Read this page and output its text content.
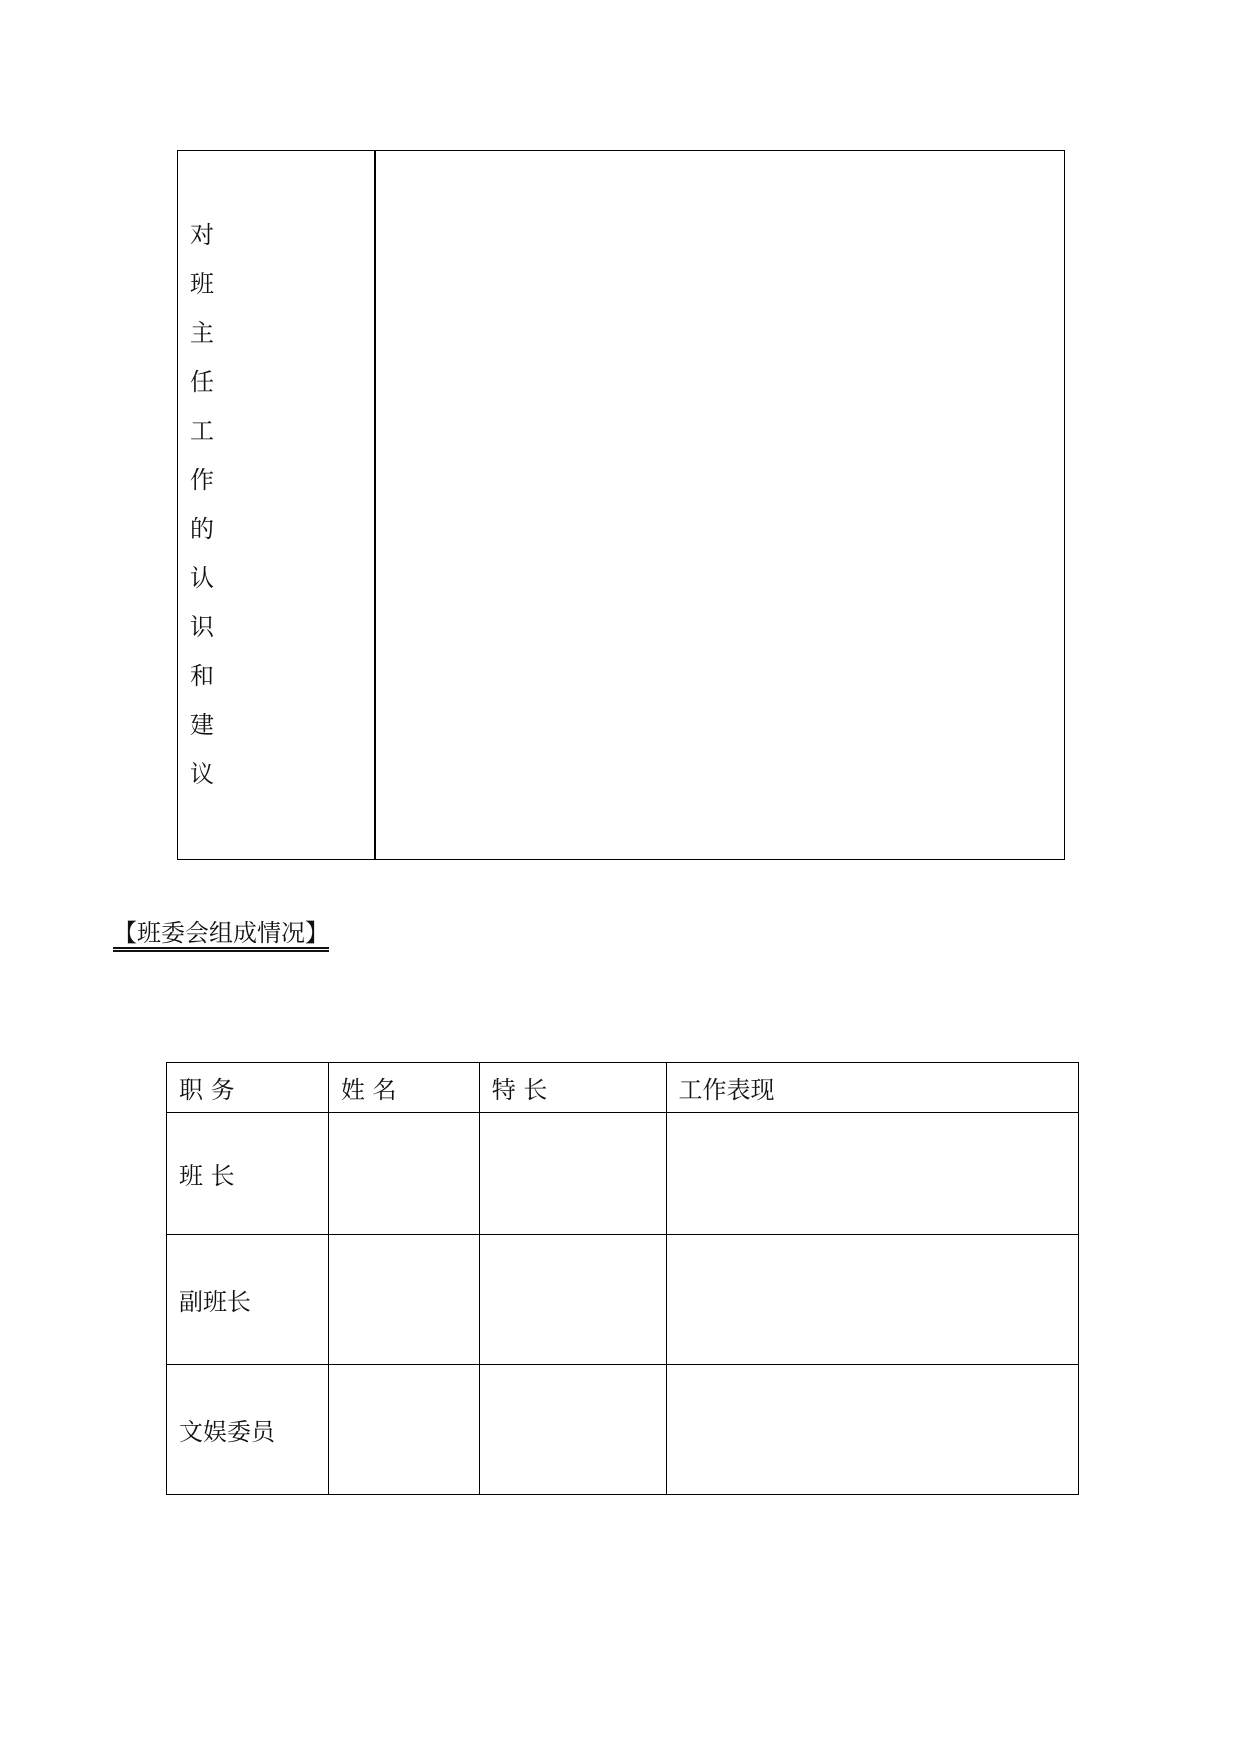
对
班
主
任
工
作
的
认
识
和
建
议

【班委会组成情况】
职 务	姓 名	特 长	工作表现
班 长			
副班长			
文娱委员			
